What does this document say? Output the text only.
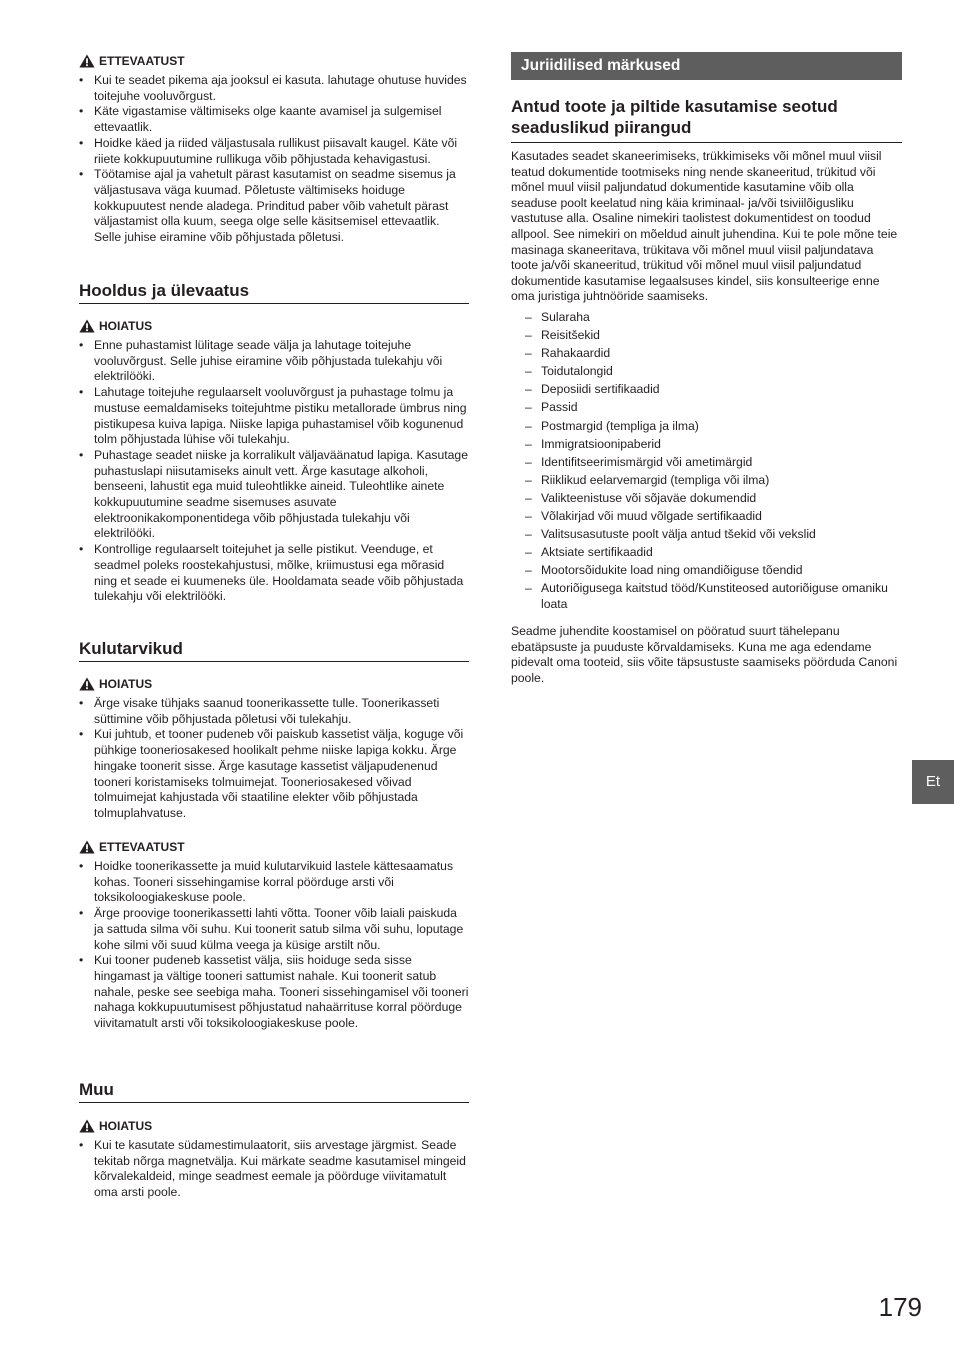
ETTEVAATUST
• Kui te seadet pikema aja jooksul ei kasuta. lahutage ohutuse huvides toitejuhe vooluvõrgust.
• Käte vigastamise vältimiseks olge kaante avamisel ja sulgemisel ettevaatlik.
• Hoidke käed ja riided väljastusala rullikust piisavalt kaugel. Käte või riiete kokkupuutumine rullikuga võib põhjustada kehavigastusi.
• Töötamise ajal ja vahetult pärast kasutamist on seadme sisemus ja väljastusava väga kuumad. Põletuste vältimiseks hoiduge kokkupuutest nende aladega. Prinditud paber võib vahetult pärast väljastamist olla kuum, seega olge selle käsitsemisel ettevaatlik. Selle juhise eiramine võib põhjustada põletusi.
Hooldus ja ülevaatus
HOIATUS
• Enne puhastamist lülitage seade välja ja lahutage toitejuhe vooluvõrgust. Selle juhise eiramine võib põhjustada tulekahju või elektrilööki.
• Lahutage toitejuhe regulaarselt vooluvõrgust ja puhastage tolmu ja mustuse eemaldamiseks toitejuhtme pistiku metallorade ümbrus ning pistikupesa kuiva lapiga. Niiske lapiga puhastamisel võib kogunenud tolm põhjustada lühise või tulekahju.
• Puhastage seadet niiske ja korralikult väljaväänatud lapiga. Kasutage puhastuslapi niisutamiseks ainult vett. Ärge kasutage alkoholi, benseeni, lahustit ega muid tuleohtlikke aineid. Tuleohtlike ainete kokkupuutumine seadme sisemuses asuvate elektroonikakomponentidega võib põhjustada tulekahju või elektrilööki.
• Kontrollige regulaarselt toitejuhet ja selle pistikut. Veenduge, et seadmel poleks roostekahjustusi, mõlke, kriimustusi ega mõrasid ning et seade ei kuumeneks üle. Hooldamata seade võib põhjustada tulekahju või elektrilööki.
Kulutarvikud
HOIATUS
• Ärge visake tühjaks saanud toonerikassette tulle. Toonerikasseti süttimine võib põhjustada põletusi või tulekahju.
• Kui juhtub, et tooner pudeneb või paiskub kassetist välja, koguge või pühkige tooneriosakesed hoolikalt pehme niiske lapiga kokku. Ärge hingake toonerit sisse. Ärge kasutage kassetist väljapudenenud tooneri koristamiseks tolmuimejat. Tooneriosakesed võivad tolmuimejat kahjustada või staatiline elekter võib põhjustada tolmuplahvatuse.
ETTEVAATUST
• Hoidke toonerikassette ja muid kulutarvikuid lastele kättesaamatus kohas. Tooneri sissehingamise korral pöörduge arsti või toksikoloogiakeskuse poole.
• Ärge proovige toonerikassetti lahti võtta. Tooner võib laiali paiskuda ja sattuda silma või suhu. Kui toonerit satub silma või suhu, loputage kohe silmi või suud külma veega ja küsige arstilt nõu.
• Kui tooner pudeneb kassetist välja, siis hoiduge seda sisse hingamast ja vältige tooneri sattumist nahale. Kui toonerit satub nahale, peske see seebiga maha. Tooneri sissehingamisel või tooneri nahaga kokkupuutumisest põhjustatud nahaärrituse korral pöörduge viivitamatult arsti või toksikoloogiakeskuse poole.
Muu
HOIATUS
• Kui te kasutate südamestimulaatorit, siis arvestage järgmist. Seade tekitab nõrga magnetvälja. Kui märkate seadme kasutamisel mingeid kõrvalekaldeid, minge seadmest eemale ja pöörduge viivitamatult oma arsti poole.
Juriidilised märkused
Antud toote ja piltide kasutamise seotud seaduslikud piirangud

Kasutades seadet skaneerimiseks, trükkimiseks või mõnel muul viisil teatud dokumentide tootmiseks ning nende skaneeritud, trükitud või mõnel muul viisil paljundatud dokumentide kasutamine võib olla seaduse poolt keelatud ning käia kriminaal- ja/või tsiviilõigusliku vastutuse alla. Osaline nimekiri taolistest dokumentidest on toodud allpool. See nimekiri on mõeldud ainult juhendina. Kui te pole mõne teie masinaga skaneeritava, trükitava või mõnel muul viisil paljundatava toote ja/või skaneeritud, trükitud või mõnel muul viisil paljundatud dokumentide kasutamise legaalsuses kindel, siis konsulteerige enne oma juristiga juhtnööride saamiseks.

– Sularaha
– Reisitšekid
– Rahakaardid
– Toidutalongid
– Deposiidi sertifikaadid
– Passid
– Postmargid (templiga ja ilma)
– Immigratsioonipaberid
– Identifitseerimismärgid või ametimärgid
– Riiklikud eelarvemargid (templiga või ilma)
– Valikteenistuse või sõjaväe dokumendid
– Võlakirjad või muud võlgade sertifikaadid
– Valitsusasutuste poolt välja antud tšekid või vekslid
– Aktsiate sertifikaadid
– Mootorsõidukite load ning omandiõiguse tõendid
– Autoriõigusega kaitstud tööd/Kunstiteosed autoriõiguse omaniku loata

Seadme juhendite koostamisel on pööratud suurt tähelepanu ebatäpsuste ja puuduste kõrvaldamiseks. Kuna me aga edendame pidevalt oma tooteid, siis võite täpsustuste saamiseks pöörduda Canoni poole.

Et
179
